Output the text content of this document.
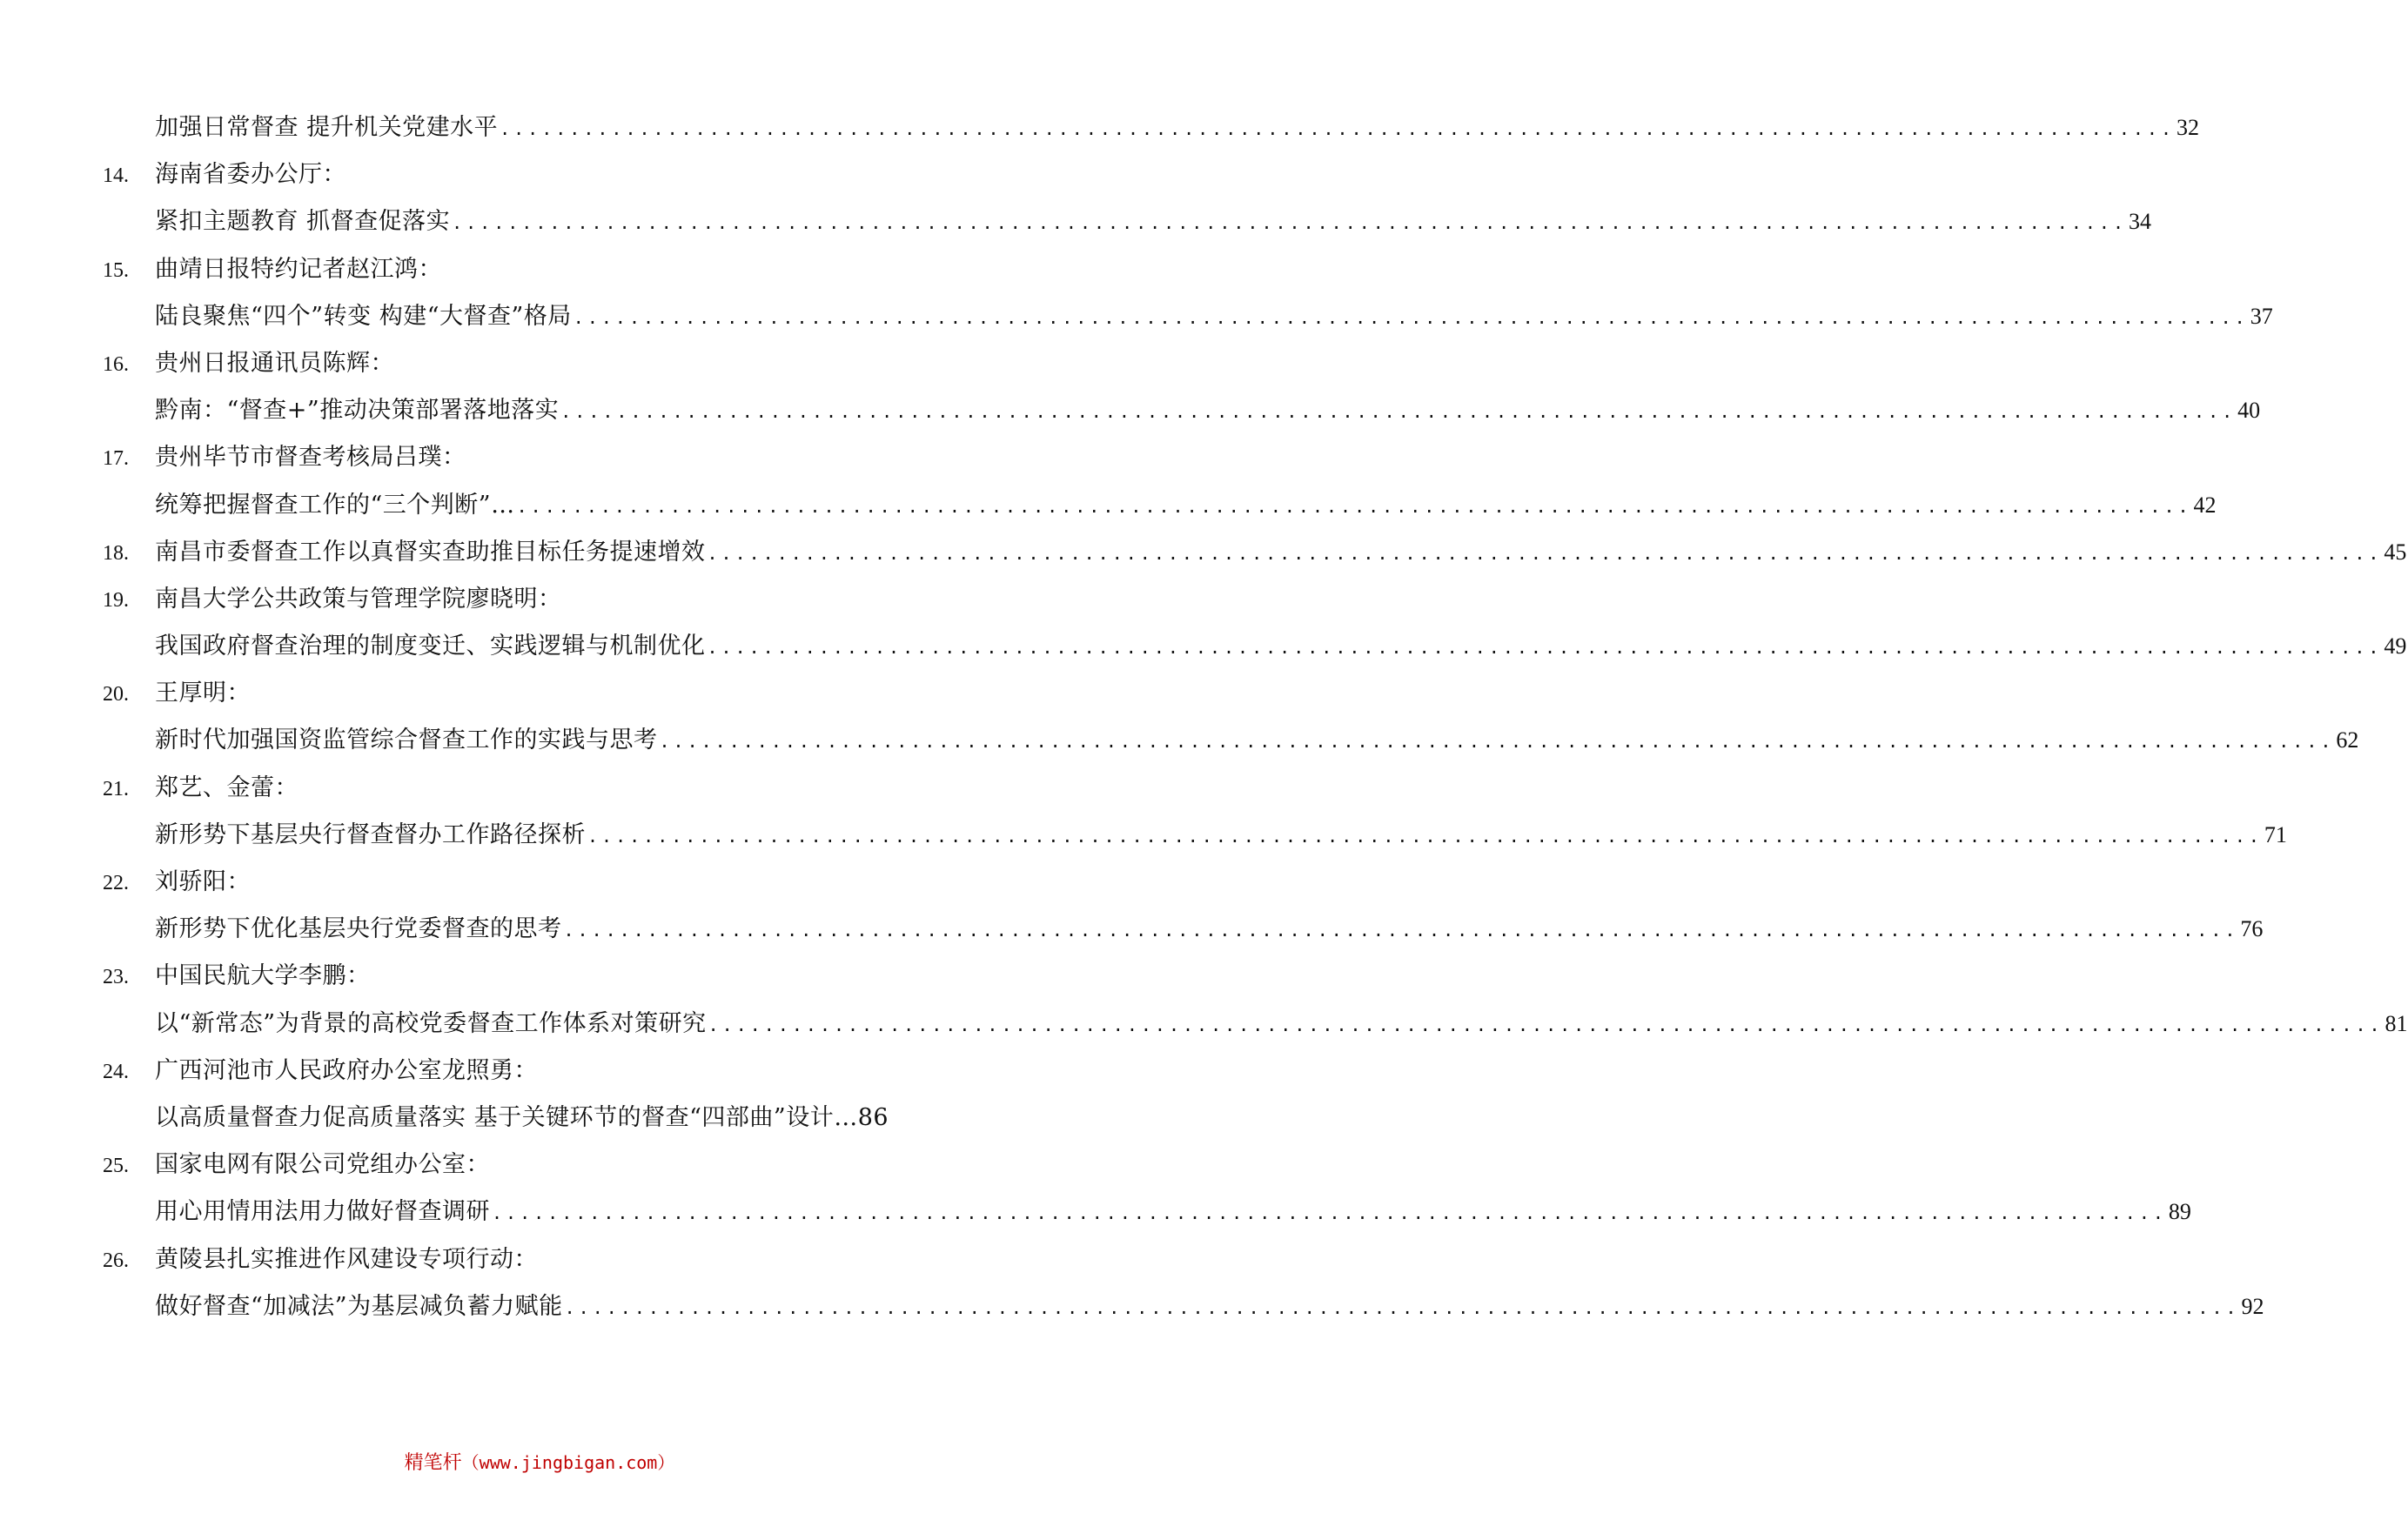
加强日常督查 提升机关党建水平 ........................................................................................................................ 32
14.	海南省委办公厅：
紧扣主题教育 抓督查促落实 ........................................................................................................................ 34
15.	曲靖日报特约记者赵江鸿：
陆良聚焦“四个”转变 构建“大督查”格局 ........................................................................................................................ 37
16.	贵州日报通讯员陈辉：
黔南：“督查+”推动决策部署落地落实 ........................................................................................................................ 40
17.	贵州毕节市督查考核局吕璞：
统筹把握督查工作的“三个判断”… ........................................................................................................................ 42
18.	南昌市委督查工作以真督实查助推目标任务提速增效 ........................................................................................................................ 45
19.	南昌大学公共政策与管理学院廖晓明：
我国政府督查治理的制度变迁、实践逻辑与机制优化 ........................................................................................................................ 49
20.	王厚明：
新时代加强国资监管综合督查工作的实践与思考 ........................................................................................................................ 62
21.	郑艺、金蕾：
新形势下基层央行督查督办工作路径探析 ........................................................................................................................ 71
22.	刘骄阳：
新形势下优化基层央行党委督查的思考 ........................................................................................................................ 76
23.	中国民航大学李鹏：
以“新常态”为背景的高校党委督查工作体系对策研究 ........................................................................................................................ 81
24.	广西河池市人民政府办公室龙照勇：
以高质量督查力促高质量落实 基于关键环节的督查“四部曲”设计…86
25.	国家电网有限公司党组办公室：
用心用情用法用力做好督查调研 ........................................................................................................................ 89
26.	黄陵县扎实推进作风建设专项行动：
做好督查“加减法”为基层减负蓄力赋能 ........................................................................................................................ 92
精笔杆（www.jingbigan.com）
